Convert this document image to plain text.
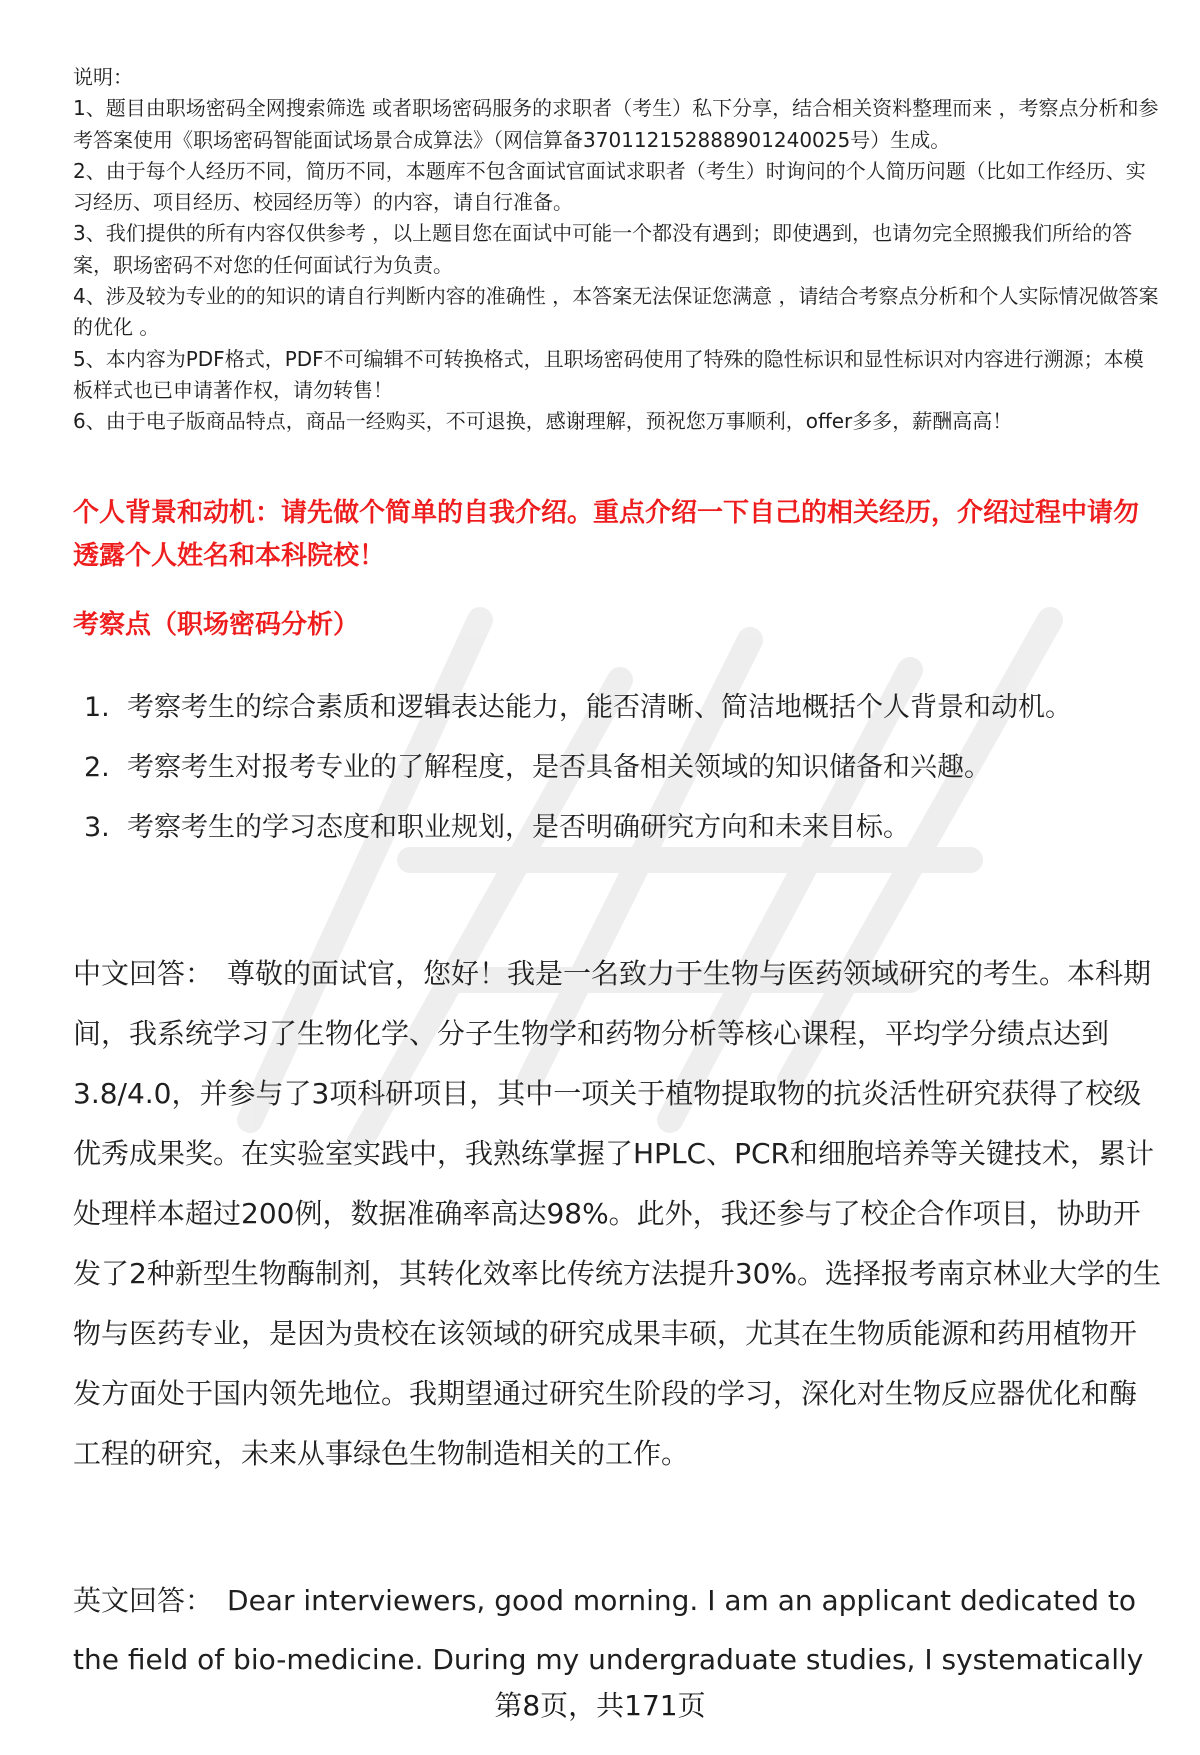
说明：

1、题目由职场密码全网搜索筛选 或者职场密码服务的求职者（考生）私下分享，结合相关资料整理而来 ，考察点分析和参考答案使用《职场密码智能面试场景合成算法》（网信算备370112152888901240025号）生成。

2、由于每个人经历不同，简历不同，本题库不包含面试官面试求职者（考生）时询问的个人简历问题（比如工作经历、实习经历、项目经历、校园经历等）的内容，请自行准备。

3、我们提供的所有内容仅供参考 ，以上题目您在面试中可能一个都没有遇到；即使遇到，也请勿完全照搬我们所给的答案，职场密码不对您的任何面试行为负责。

4、涉及较为专业的的知识的请自行判断内容的准确性 ，本答案无法保证您满意 ，请结合考察点分析和个人实际情况做答案的优化 。

5、本内容为PDF格式，PDF不可编辑不可转换格式，且职场密码使用了特殊的隐性标识和显性标识对内容进行溯源；本模板样式也已申请著作权，请勿转售！

6、由于电子版商品特点，商品一经购买，不可退换，感谢理解，预祝您万事顺利，offer多多，薪酬高高！

个人背景和动机：请先做个简单的自我介绍。重点介绍一下自己的相关经历，介绍过程中请勿透露个人姓名和本科院校！
考察点（职场密码分析）
1. 考察考生的综合素质和逻辑表达能力，能否清晰、简洁地概括个人背景和动机。
2. 考察考生对报考专业的了解程度，是否具备相关领域的知识储备和兴趣。
3. 考察考生的学习态度和职业规划，是否明确研究方向和未来目标。

中文回答： 尊敬的面试官，您好！我是一名致力于生物与医药领域研究的考生。本科期间，我系统学习了生物化学、分子生物学和药物分析等核心课程，平均学分绩点达到3.8/4.0，并参与了3项科研项目，其中一项关于植物提取物的抗炎活性研究获得了校级优秀成果奖。在实验室实践中，我熟练掌握了HPLC、PCR和细胞培养等关键技术，累计处理样本超过200例，数据准确率高达98%。此外，我还参与了校企合作项目，协助开发了2种新型生物酶制剂，其转化效率比传统方法提升30%。选择报考南京林业大学的生物与医药专业，是因为贵校在该领域的研究成果丰硕，尤其在生物质能源和药用植物开发方面处于国内领先地位。我期望通过研究生阶段的学习，深化对生物反应器优化和酶工程的研究，未来从事绿色生物制造相关的工作。

英文回答： Dear interviewers, good morning. I am an applicant dedicated to the field of bio-medicine. During my undergraduate studies, I systematically

第8页，共171页
